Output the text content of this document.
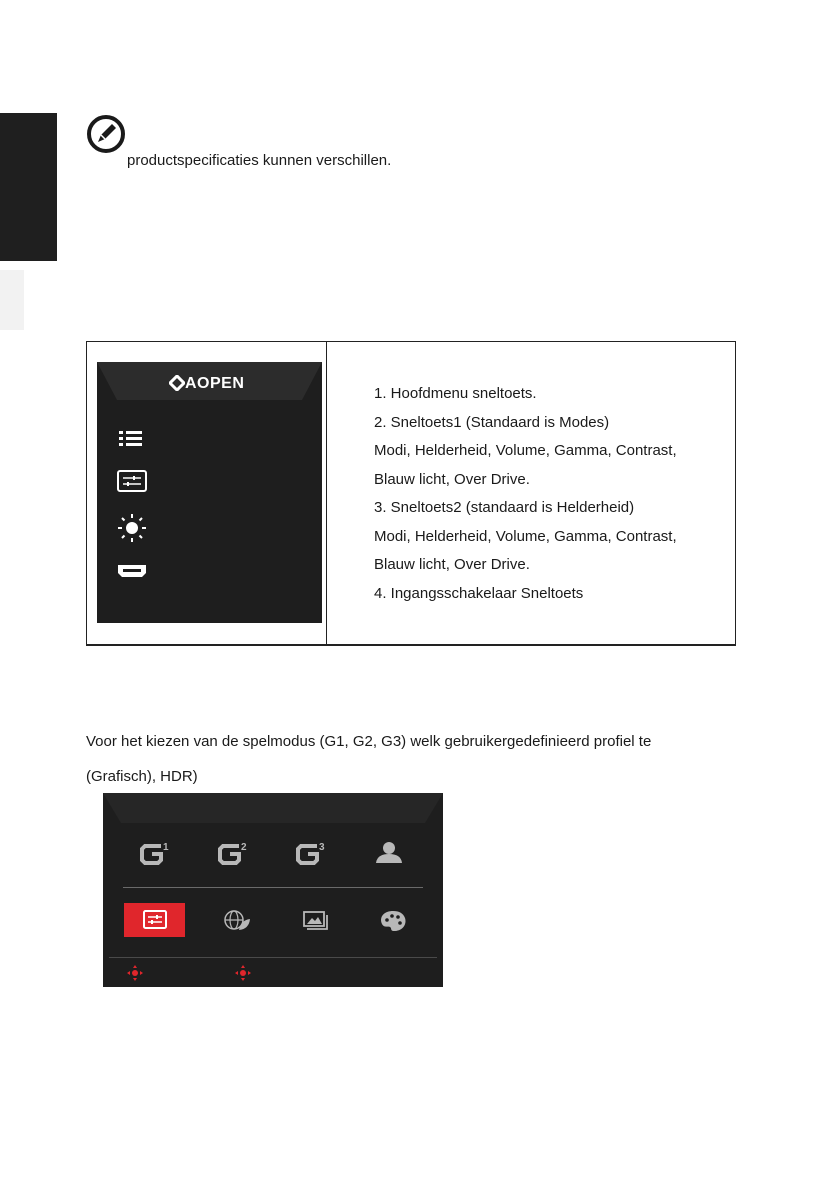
productspecificaties kunnen verschillen.
AOPEN
1. Hoofdmenu sneltoets.
2. Sneltoets1 (Standaard is Modes)
Modi, Helderheid, Volume, Gamma, Contrast,
Blauw licht, Over Drive.
3. Sneltoets2 (standaard is Helderheid)
Modi, Helderheid, Volume, Gamma, Contrast,
Blauw licht, Over Drive.
4. Ingangsschakelaar Sneltoets
Voor het kiezen van de spelmodus (G1, G2, G3) welk gebruikergedefinieerd profiel te
(Grafisch), HDR)
1	2	3
